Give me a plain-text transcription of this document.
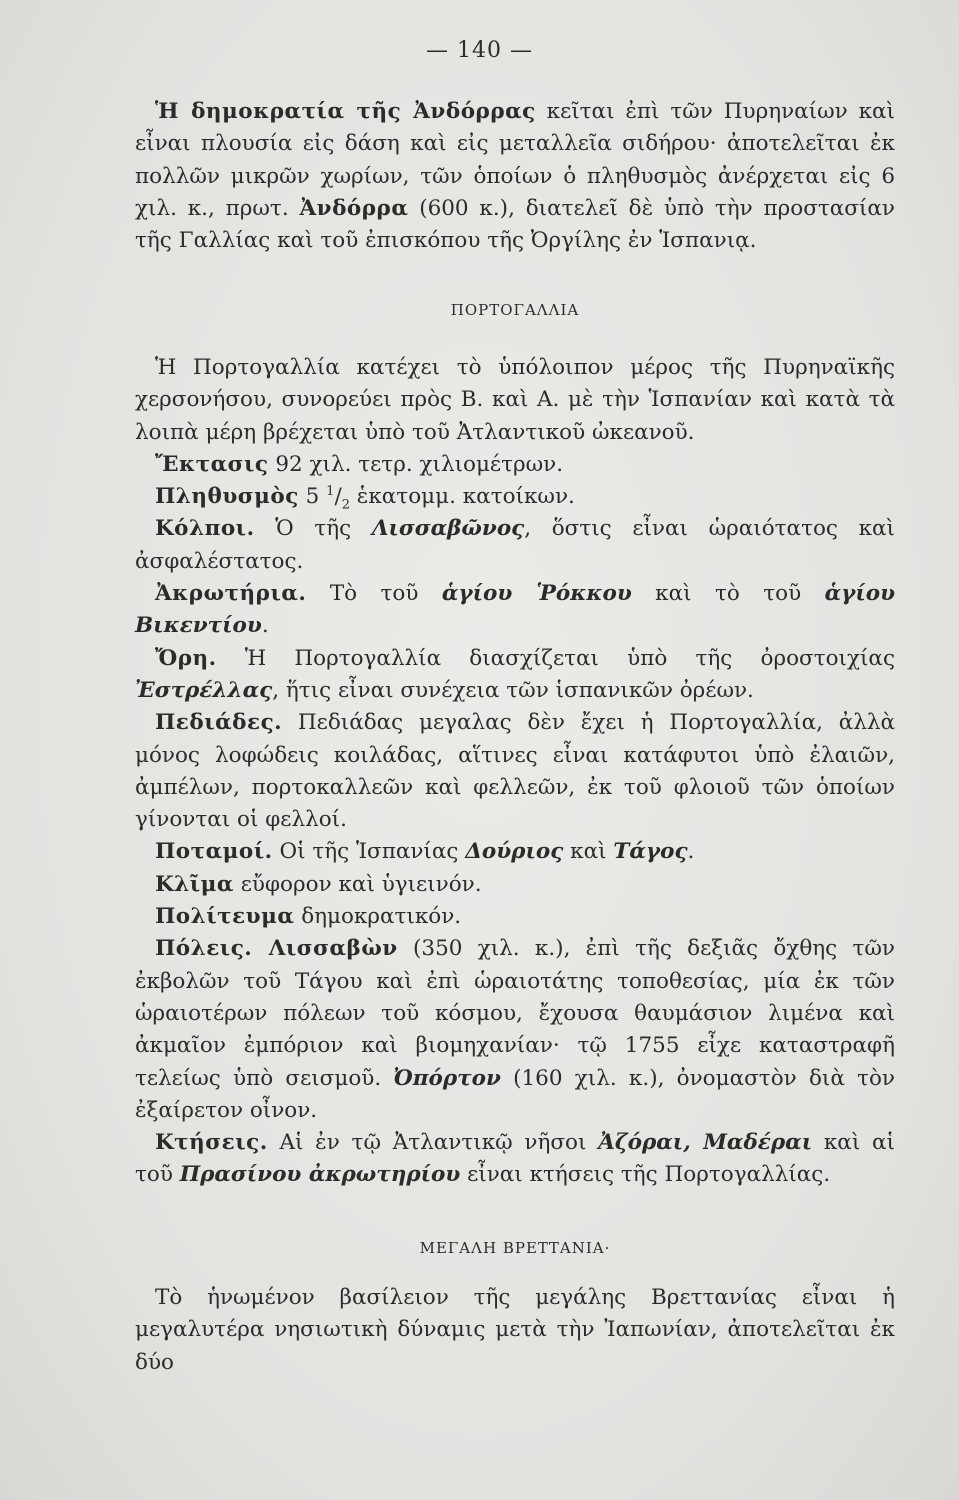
— 140 —

Ἡ δημοκρατία τῆς Ἀνδόρρας κεῖται ἐπὶ τῶν Πυρηναίων καὶ εἶναι πλουσία εἰς δάση καὶ εἰς μεταλλεῖα σιδήρου· ἀποτελεῖται ἐκ πολλῶν μικρῶν χωρίων, τῶν ὁποίων ὁ πληθυσμὸς ἀνέρχεται εἰς 6 χιλ. κ., πρωτ. Ἀνδόρρα (600 κ.), διατελεῖ δὲ ὑπὸ τὴν προστασίαν τῆς Γαλλίας καὶ τοῦ ἐπισκόπου τῆς Ὀργίλης ἐν Ἱσπανιᾳ.

ΠΟΡΤΟΓΑΛΛΙΑ

Ἡ Πορτογαλλία κατέχει τὸ ὑπόλοιπον μέρος τῆς Πυρηναϊκῆς χερσονήσου, συνορεύει πρὸς Β. καὶ Α. μὲ τὴν Ἱσπανίαν καὶ κατὰ τὰ λοιπὰ μέρη βρέχεται ὑπὸ τοῦ Ἀτλαντικοῦ ὠκεανοῦ.

Ἔκτασις 92 χιλ. τετρ. χιλιομέτρων.

Πληθυσμὸς 5 $^1/_2$ ἑκατομμ. κατοίκων.

Κόλποι. Ὁ τῆς Λισσαβῶνος, ὅστις εἶναι ὡραιότατος καὶ ἀσφαλέστατος.

Ἀκρωτήρια. Τὸ τοῦ ἁγίου Ῥόκκου καὶ τὸ τοῦ ἁγίου Βικεντίου.

Ὄρη. Ἡ Πορτογαλλία διασχίζεται ὑπὸ τῆς ὀροστοιχίας Ἐστρέλλας, ἥτις εἶναι συνέχεια τῶν ἱσπανικῶν ὀρέων.

Πεδιάδες. Πεδιάδας μεγαλας δὲν ἔχει ἡ Πορτογαλλία, ἀλλὰ μόνος λοφώδεις κοιλάδας, αἵτινες εἶναι κατάφυτοι ὑπὸ ἐλαιῶν, ἀμπέλων, πορτοκαλλεῶν καὶ φελλεῶν, ἐκ τοῦ φλοιοῦ τῶν ὁποίων γίνονται οἱ φελλοί.

Ποταμοί. Οἱ τῆς Ἱσπανίας Δούριος καὶ Τάγος.

Κλῖμα εὔφορον καὶ ὑγιεινόν.

Πολίτευμα δημοκρατικόν.

Πόλεις. Λισσαβὼν (350 χιλ. κ.), ἐπὶ τῆς δεξιᾶς ὄχθης τῶν ἐκβολῶν τοῦ Τάγου καὶ ἐπὶ ὡραιοτάτης τοποθεσίας, μία ἐκ τῶν ὡραιοτέρων πόλεων τοῦ κόσμου, ἔχουσα θαυμάσιον λιμένα καὶ ἀκμαῖον ἐμπόριον καὶ βιομηχανίαν· τῷ 1755 εἶχε καταστραφῆ τελείως ὑπὸ σεισμοῦ. Ὀπόρτον (160 χιλ. κ.), ὀνομαστὸν διὰ τὸν ἐξαίρετον οἶνον.

Κτήσεις. Αἱ ἐν τῷ Ἀτλαντικῷ νῆσοι Ἀζόραι, Μαδέραι καὶ αἱ τοῦ Πρασίνου ἀκρωτηρίου εἶναι κτήσεις τῆς Πορτογαλλίας.

ΜΕΓΑΛΗ ΒΡΕΤΤΑΝΙΑ·

Τὸ ἡνωμένον βασίλειον τῆς μεγάλης Βρεττανίας εἶναι ἡ μεγαλυτέρα νησιωτικὴ δύναμις μετὰ τὴν Ἰαπωνίαν, ἀποτελεῖται ἐκ δύο
